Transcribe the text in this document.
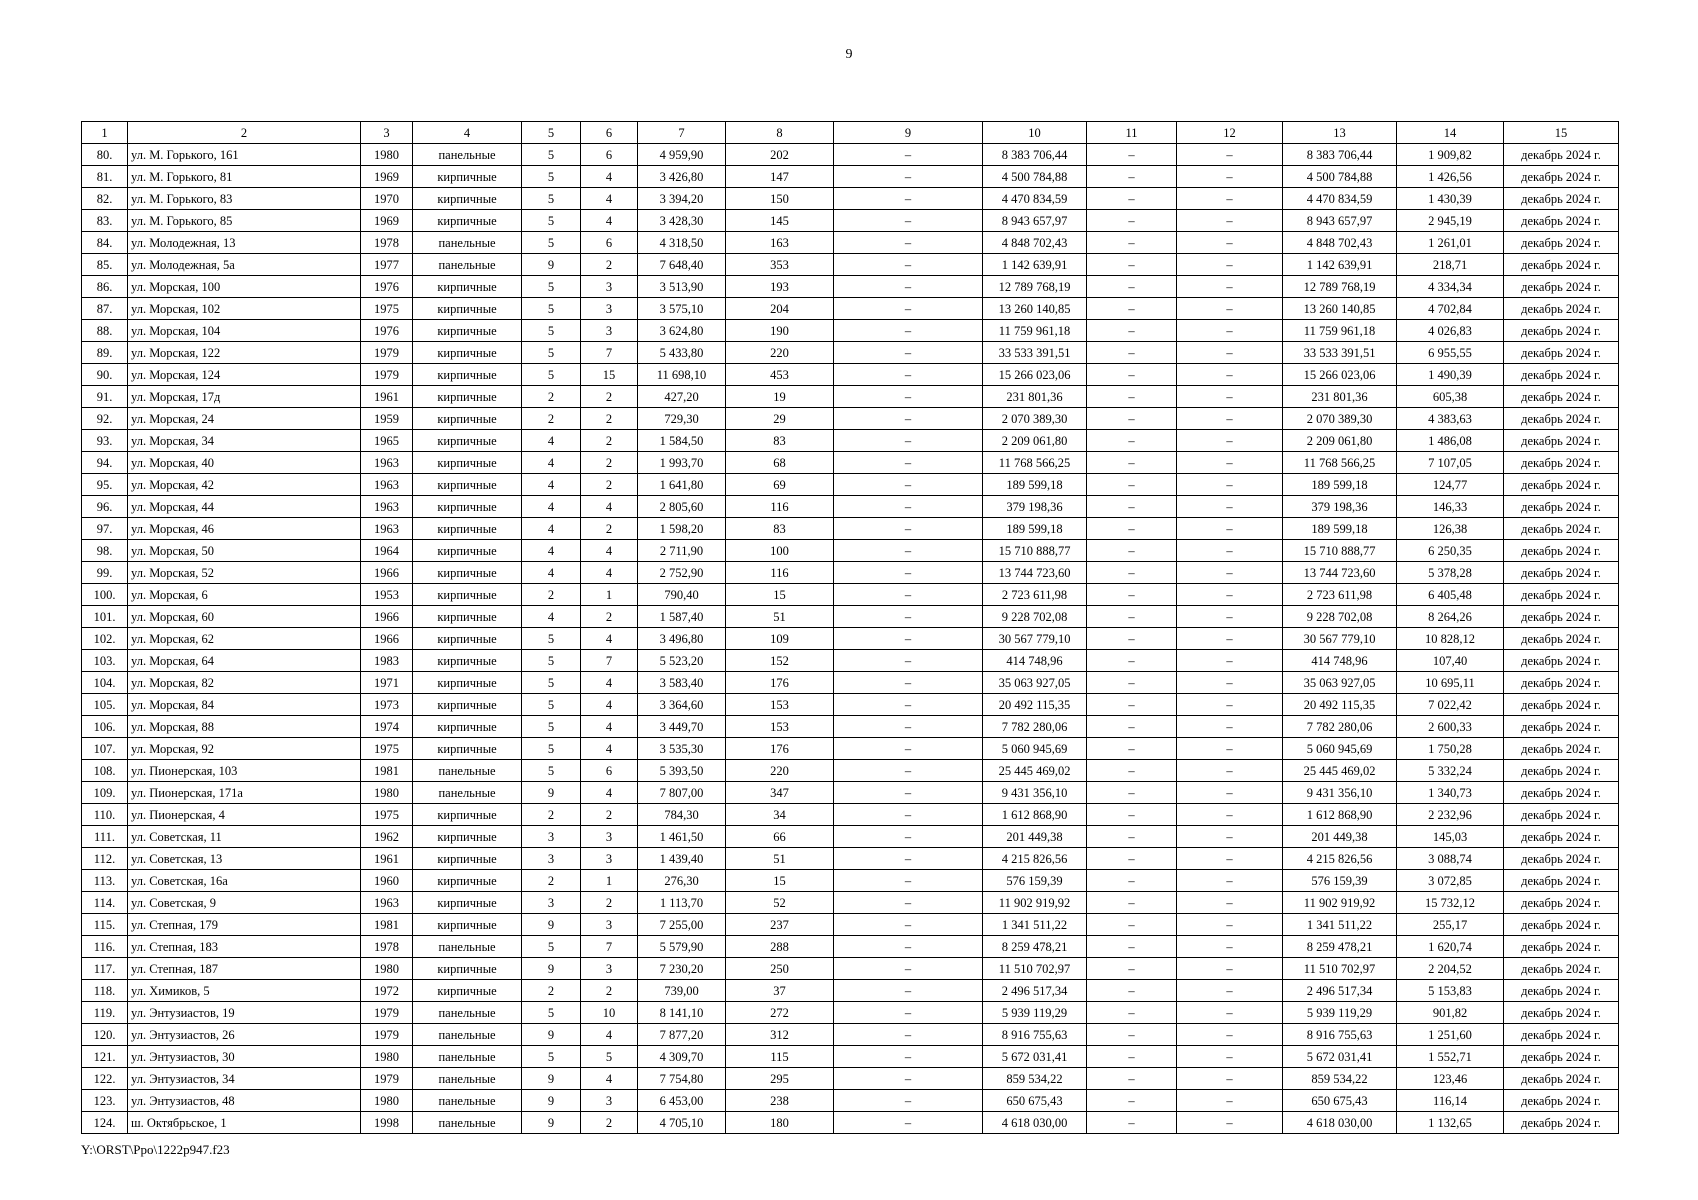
9
1	2	3	4	5	6	7	8	9	10	11	12	13	14	15
80.	ул. М. Горького, 161	1980	панельные	5	6	4 959,90	202	–	8 383 706,44	–	–	8 383 706,44	1 909,82	декабрь 2024 г.
81.	ул. М. Горького, 81	1969	кирпичные	5	4	3 426,80	147	–	4 500 784,88	–	–	4 500 784,88	1 426,56	декабрь 2024 г.
82.	ул. М. Горького, 83	1970	кирпичные	5	4	3 394,20	150	–	4 470 834,59	–	–	4 470 834,59	1 430,39	декабрь 2024 г.
83.	ул. М. Горького, 85	1969	кирпичные	5	4	3 428,30	145	–	8 943 657,97	–	–	8 943 657,97	2 945,19	декабрь 2024 г.
84.	ул. Молодежная, 13	1978	панельные	5	6	4 318,50	163	–	4 848 702,43	–	–	4 848 702,43	1 261,01	декабрь 2024 г.
85.	ул. Молодежная, 5а	1977	панельные	9	2	7 648,40	353	–	1 142 639,91	–	–	1 142 639,91	218,71	декабрь 2024 г.
86.	ул. Морская, 100	1976	кирпичные	5	3	3 513,90	193	–	12 789 768,19	–	–	12 789 768,19	4 334,34	декабрь 2024 г.
87.	ул. Морская, 102	1975	кирпичные	5	3	3 575,10	204	–	13 260 140,85	–	–	13 260 140,85	4 702,84	декабрь 2024 г.
88.	ул. Морская, 104	1976	кирпичные	5	3	3 624,80	190	–	11 759 961,18	–	–	11 759 961,18	4 026,83	декабрь 2024 г.
89.	ул. Морская, 122	1979	кирпичные	5	7	5 433,80	220	–	33 533 391,51	–	–	33 533 391,51	6 955,55	декабрь 2024 г.
90.	ул. Морская, 124	1979	кирпичные	5	15	11 698,10	453	–	15 266 023,06	–	–	15 266 023,06	1 490,39	декабрь 2024 г.
91.	ул. Морская, 17д	1961	кирпичные	2	2	427,20	19	–	231 801,36	–	–	231 801,36	605,38	декабрь 2024 г.
92.	ул. Морская, 24	1959	кирпичные	2	2	729,30	29	–	2 070 389,30	–	–	2 070 389,30	4 383,63	декабрь 2024 г.
93.	ул. Морская, 34	1965	кирпичные	4	2	1 584,50	83	–	2 209 061,80	–	–	2 209 061,80	1 486,08	декабрь 2024 г.
94.	ул. Морская, 40	1963	кирпичные	4	2	1 993,70	68	–	11 768 566,25	–	–	11 768 566,25	7 107,05	декабрь 2024 г.
95.	ул. Морская, 42	1963	кирпичные	4	2	1 641,80	69	–	189 599,18	–	–	189 599,18	124,77	декабрь 2024 г.
96.	ул. Морская, 44	1963	кирпичные	4	4	2 805,60	116	–	379 198,36	–	–	379 198,36	146,33	декабрь 2024 г.
97.	ул. Морская, 46	1963	кирпичные	4	2	1 598,20	83	–	189 599,18	–	–	189 599,18	126,38	декабрь 2024 г.
98.	ул. Морская, 50	1964	кирпичные	4	4	2 711,90	100	–	15 710 888,77	–	–	15 710 888,77	6 250,35	декабрь 2024 г.
99.	ул. Морская, 52	1966	кирпичные	4	4	2 752,90	116	–	13 744 723,60	–	–	13 744 723,60	5 378,28	декабрь 2024 г.
100.	ул. Морская, 6	1953	кирпичные	2	1	790,40	15	–	2 723 611,98	–	–	2 723 611,98	6 405,48	декабрь 2024 г.
101.	ул. Морская, 60	1966	кирпичные	4	2	1 587,40	51	–	9 228 702,08	–	–	9 228 702,08	8 264,26	декабрь 2024 г.
102.	ул. Морская, 62	1966	кирпичные	5	4	3 496,80	109	–	30 567 779,10	–	–	30 567 779,10	10 828,12	декабрь 2024 г.
103.	ул. Морская, 64	1983	кирпичные	5	7	5 523,20	152	–	414 748,96	–	–	414 748,96	107,40	декабрь 2024 г.
104.	ул. Морская, 82	1971	кирпичные	5	4	3 583,40	176	–	35 063 927,05	–	–	35 063 927,05	10 695,11	декабрь 2024 г.
105.	ул. Морская, 84	1973	кирпичные	5	4	3 364,60	153	–	20 492 115,35	–	–	20 492 115,35	7 022,42	декабрь 2024 г.
106.	ул. Морская, 88	1974	кирпичные	5	4	3 449,70	153	–	7 782 280,06	–	–	7 782 280,06	2 600,33	декабрь 2024 г.
107.	ул. Морская, 92	1975	кирпичные	5	4	3 535,30	176	–	5 060 945,69	–	–	5 060 945,69	1 750,28	декабрь 2024 г.
108.	ул. Пионерская, 103	1981	панельные	5	6	5 393,50	220	–	25 445 469,02	–	–	25 445 469,02	5 332,24	декабрь 2024 г.
109.	ул. Пионерская, 171а	1980	панельные	9	4	7 807,00	347	–	9 431 356,10	–	–	9 431 356,10	1 340,73	декабрь 2024 г.
110.	ул. Пионерская, 4	1975	кирпичные	2	2	784,30	34	–	1 612 868,90	–	–	1 612 868,90	2 232,96	декабрь 2024 г.
111.	ул. Советская, 11	1962	кирпичные	3	3	1 461,50	66	–	201 449,38	–	–	201 449,38	145,03	декабрь 2024 г.
112.	ул. Советская, 13	1961	кирпичные	3	3	1 439,40	51	–	4 215 826,56	–	–	4 215 826,56	3 088,74	декабрь 2024 г.
113.	ул. Советская, 16а	1960	кирпичные	2	1	276,30	15	–	576 159,39	–	–	576 159,39	3 072,85	декабрь 2024 г.
114.	ул. Советская, 9	1963	кирпичные	3	2	1 113,70	52	–	11 902 919,92	–	–	11 902 919,92	15 732,12	декабрь 2024 г.
115.	ул. Степная, 179	1981	кирпичные	9	3	7 255,00	237	–	1 341 511,22	–	–	1 341 511,22	255,17	декабрь 2024 г.
116.	ул. Степная, 183	1978	панельные	5	7	5 579,90	288	–	8 259 478,21	–	–	8 259 478,21	1 620,74	декабрь 2024 г.
117.	ул. Степная, 187	1980	кирпичные	9	3	7 230,20	250	–	11 510 702,97	–	–	11 510 702,97	2 204,52	декабрь 2024 г.
118.	ул. Химиков, 5	1972	кирпичные	2	2	739,00	37	–	2 496 517,34	–	–	2 496 517,34	5 153,83	декабрь 2024 г.
119.	ул. Энтузиастов, 19	1979	панельные	5	10	8 141,10	272	–	5 939 119,29	–	–	5 939 119,29	901,82	декабрь 2024 г.
120.	ул. Энтузиастов, 26	1979	панельные	9	4	7 877,20	312	–	8 916 755,63	–	–	8 916 755,63	1 251,60	декабрь 2024 г.
121.	ул. Энтузиастов, 30	1980	панельные	5	5	4 309,70	115	–	5 672 031,41	–	–	5 672 031,41	1 552,71	декабрь 2024 г.
122.	ул. Энтузиастов, 34	1979	панельные	9	4	7 754,80	295	–	859 534,22	–	–	859 534,22	123,46	декабрь 2024 г.
123.	ул. Энтузиастов, 48	1980	панельные	9	3	6 453,00	238	–	650 675,43	–	–	650 675,43	116,14	декабрь 2024 г.
124.	ш. Октябрьское, 1	1998	панельные	9	2	4 705,10	180	–	4 618 030,00	–	–	4 618 030,00	1 132,65	декабрь 2024 г.
Y:\ORST\Ppo\1222p947.f23
